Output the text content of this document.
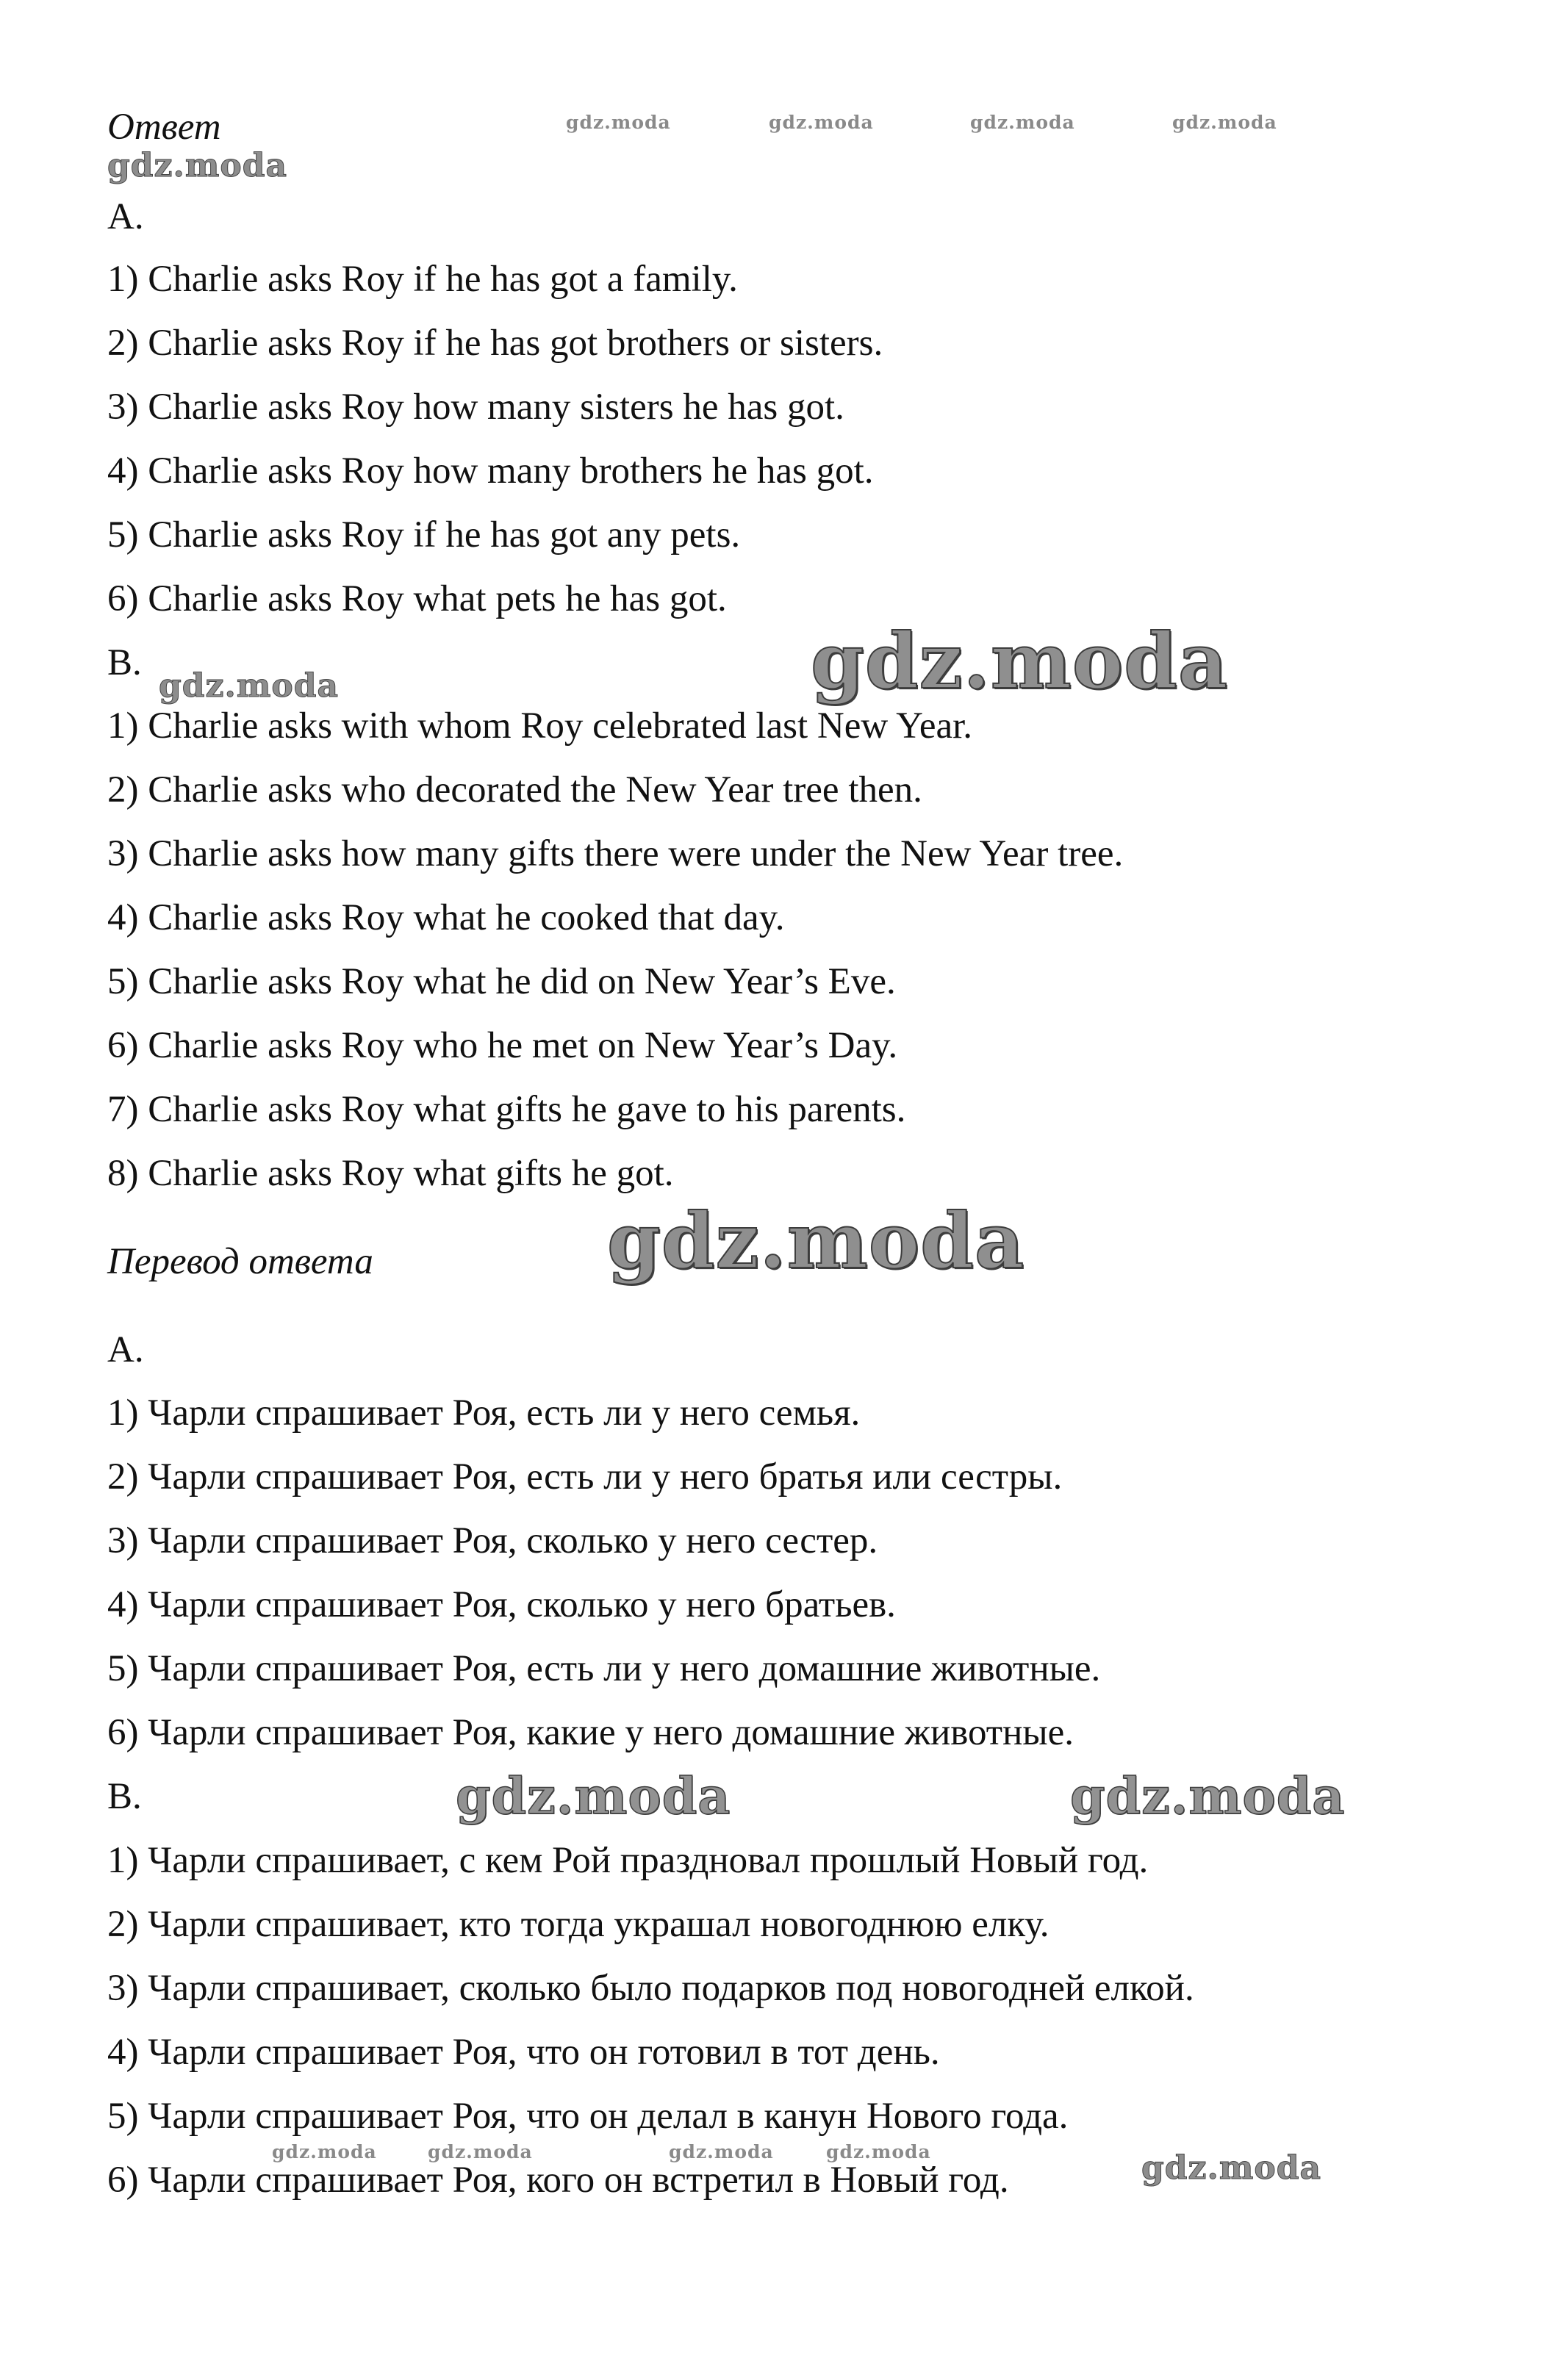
Ответ
A.
1) Charlie asks Roy if he has got a family.
2) Charlie asks Roy if he has got brothers or sisters.
3) Charlie asks Roy how many sisters he has got.
4) Charlie asks Roy how many brothers he has got.
5) Charlie asks Roy if he has got any pets.
6) Charlie asks Roy what pets he has got.
B.
1) Charlie asks with whom Roy celebrated last New Year.
2) Charlie asks who decorated the New Year tree then.
3) Charlie asks how many gifts there were under the New Year tree.
4) Charlie asks Roy what he cooked that day.
5) Charlie asks Roy what he did on New Year’s Eve.
6) Charlie asks Roy who he met on New Year’s Day.
7) Charlie asks Roy what gifts he gave to his parents.
8) Charlie asks Roy what gifts he got.
Перевод ответа
A.
1) Чарли спрашивает Роя, есть ли у него семья.
2) Чарли спрашивает Роя, есть ли у него братья или сестры.
3) Чарли спрашивает Роя, сколько у него сестер.
4) Чарли спрашивает Роя, сколько у него братьев.
5) Чарли спрашивает Роя, есть ли у него домашние животные.
6) Чарли спрашивает Роя, какие у него домашние животные.
B.
1) Чарли спрашивает, с кем Рой праздновал прошлый Новый год.
2) Чарли спрашивает, кто тогда украшал новогоднюю елку.
3) Чарли спрашивает, сколько было подарков под новогодней елкой.
4) Чарли спрашивает Роя, что он готовил в тот день.
5) Чарли спрашивает Роя, что он делал в канун Нового года.
6) Чарли спрашивает Роя, кого он встретил в Новый год.
gdz.moda	gdz.moda	gdz.moda	gdz.moda
gdz.moda
gdz.moda
gdz.moda
gdz.moda
gdz.moda	gdz.moda
gdz.moda	gdz.moda	gdz.moda	gdz.moda	gdz.moda
